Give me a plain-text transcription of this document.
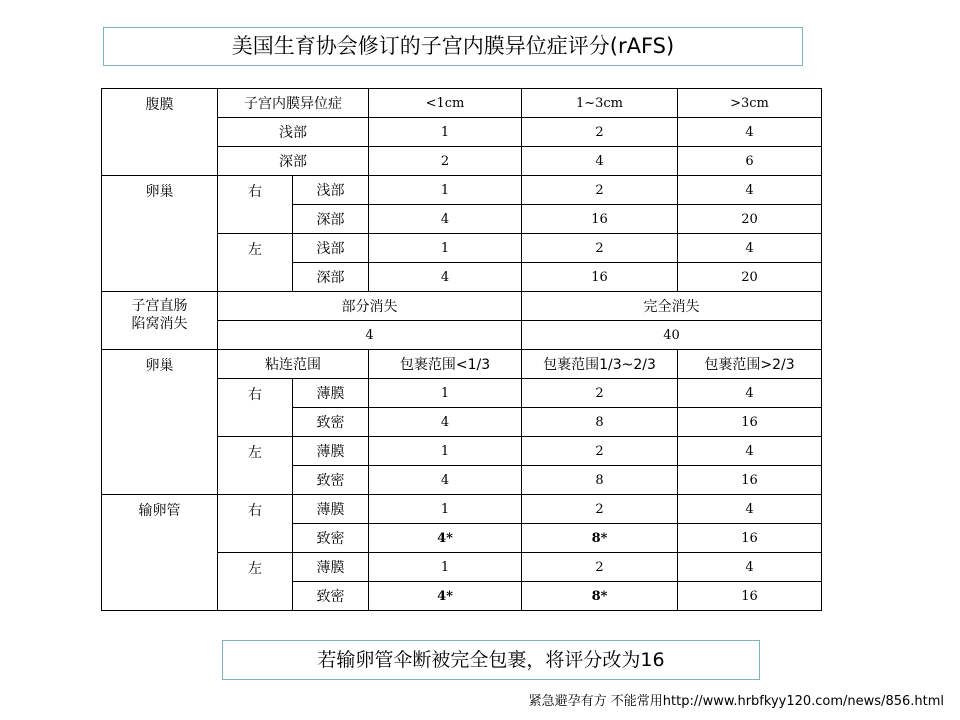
美国生育协会修订的子宫内膜异位症评分(rAFS)
腹膜	子宫内膜异位症		<1cm	1~3cm	>3cm
	浅部		1	2	4
	深部		2	4	6
卵巢	右	浅部	1	2	4
		深部	4	16	20
	左	浅部	1	2	4
		深部	4	16	20
子宫直肠
陷窝消失	部分消失			完全消失	
	4			40	
卵巢	粘连范围		包裹范围<1/3	包裹范围1/3~2/3	包裹范围>2/3
	右	薄膜	1	2	4
		致密	4	8	16
	左	薄膜	1	2	4
		致密	4	8	16
输卵管	右	薄膜	1	2	4
		致密	4*	8*	16
	左	薄膜	1	2	4
		致密	4*	8*	16
若输卵管伞断被完全包裹，将评分改为16
紧急避孕有方 不能常用http://www.hrbfkyy120.com/news/856.html
